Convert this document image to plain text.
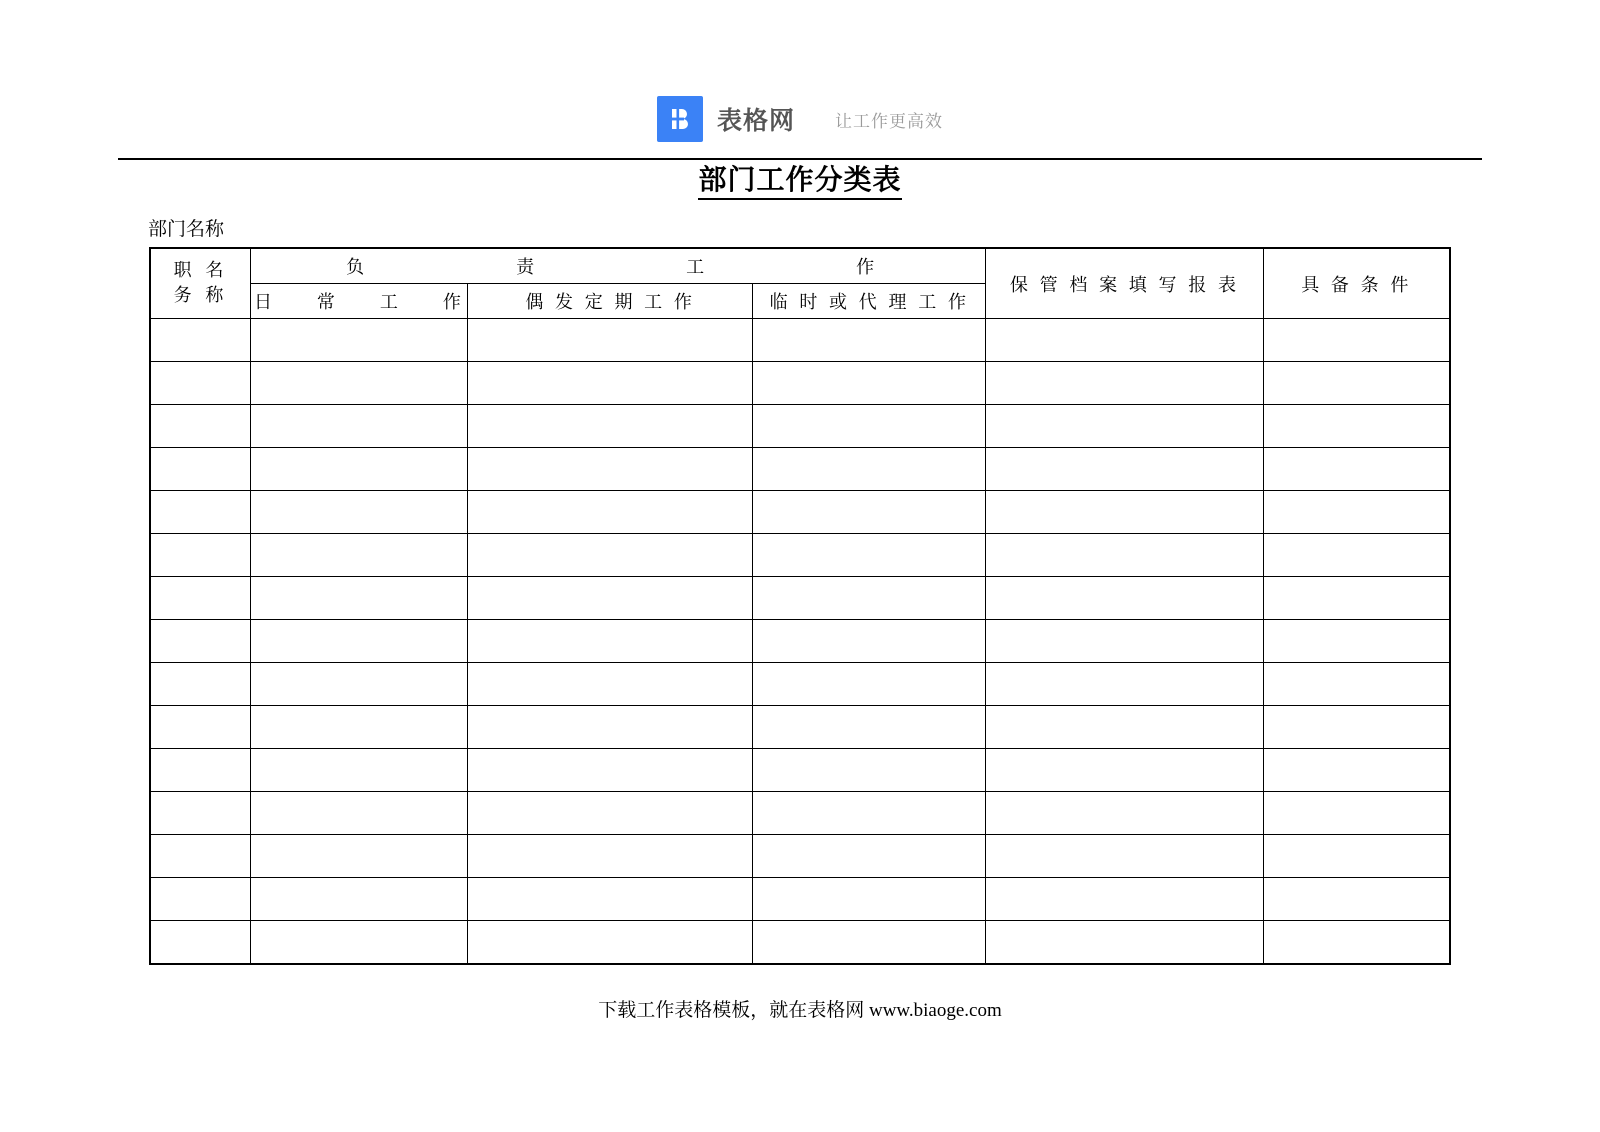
表格网 让工作更高效
部门工作分类表
部门名称
职 名
务 称	负　　　　责　　　　工　　　　作			保 管 档 案 填 写 报 表	具 备 条 件
	日　　常　　工　　作	偶 发 定 期 工 作	临 时 或 代 理 工 作		

下载工作表格模板，就在表格网 www.biaoge.com
